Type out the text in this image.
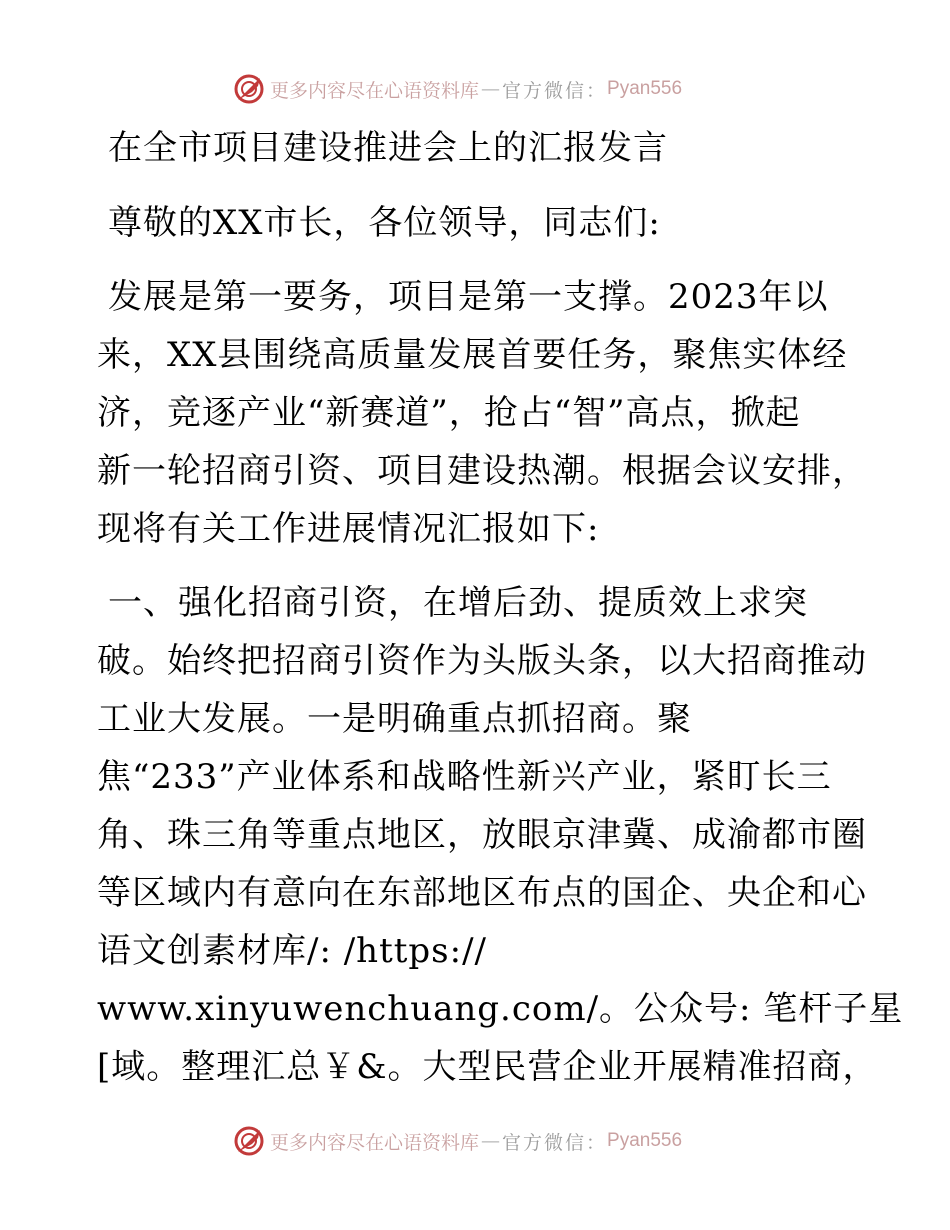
更多内容尽在心语资料库 — 官方微信： Pyan556
在全市项目建设推进会上的汇报发言
尊敬的XX市长，各位领导，同志们:
发展是第一要务，项目是第一支撑。2023年以
来，XX县围绕高质量发展首要任务，聚焦实体经
济，竞逐产业“新赛道”，抢占“智”高点，掀起
新一轮招商引资、项目建设热潮。根据会议安排，
现将有关工作进展情况汇报如下:
一、强化招商引资，在增后劲、提质效上求突
破。始终把招商引资作为头版头条，以大招商推动
工业大发展。一是明确重点抓招商。聚
焦“233”产业体系和战略性新兴产业，紧盯长三
角、珠三角等重点地区，放眼京津冀、成渝都市圈
等区域内有意向在东部地区布点的国企、央企和心
语文创素材库/: /https://
www.xinyuwenchuang.com/。公众号: 笔杆子星
[域。整理汇总￥&。大型民营企业开展精准招商，
更多内容尽在心语资料库 — 官方微信： Pyan556
